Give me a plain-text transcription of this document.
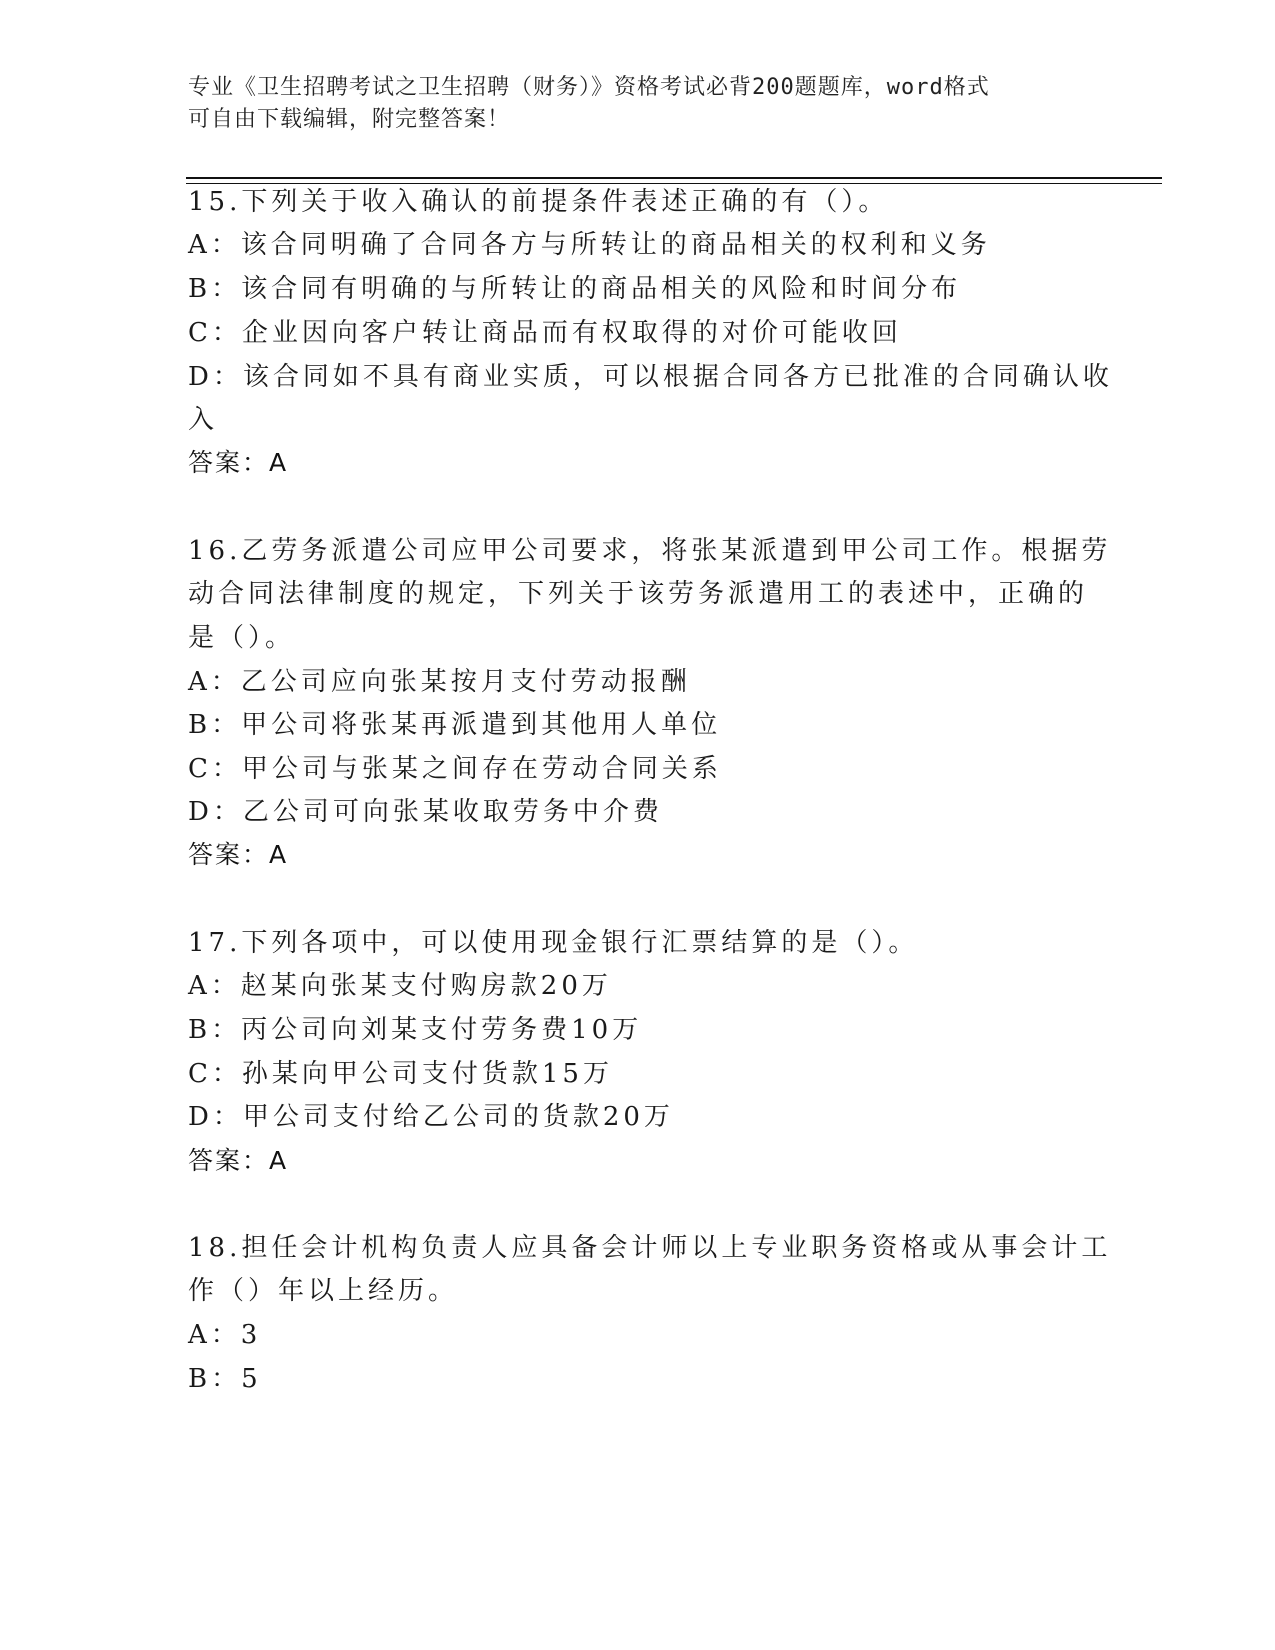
专业《卫生招聘考试之卫生招聘（财务）》资格考试必背200题题库，word格式
可自由下载编辑，附完整答案！
15.下列关于收入确认的前提条件表述正确的有（）。
A：该合同明确了合同各方与所转让的商品相关的权利和义务
B：该合同有明确的与所转让的商品相关的风险和时间分布
C：企业因向客户转让商品而有权取得的对价可能收回
D：该合同如不具有商业实质，可以根据合同各方已批准的合同确认收
入
答案：A
16.乙劳务派遣公司应甲公司要求，将张某派遣到甲公司工作。根据劳
动合同法律制度的规定，下列关于该劳务派遣用工的表述中，正确的
是（）。
A：乙公司应向张某按月支付劳动报酬
B：甲公司将张某再派遣到其他用人单位
C：甲公司与张某之间存在劳动合同关系
D：乙公司可向张某收取劳务中介费
答案：A
17.下列各项中，可以使用现金银行汇票结算的是（）。
A：赵某向张某支付购房款20万
B：丙公司向刘某支付劳务费10万
C：孙某向甲公司支付货款15万
D：甲公司支付给乙公司的货款20万
答案：A
18.担任会计机构负责人应具备会计师以上专业职务资格或从事会计工
作（）年以上经历。
A：3
B：5
